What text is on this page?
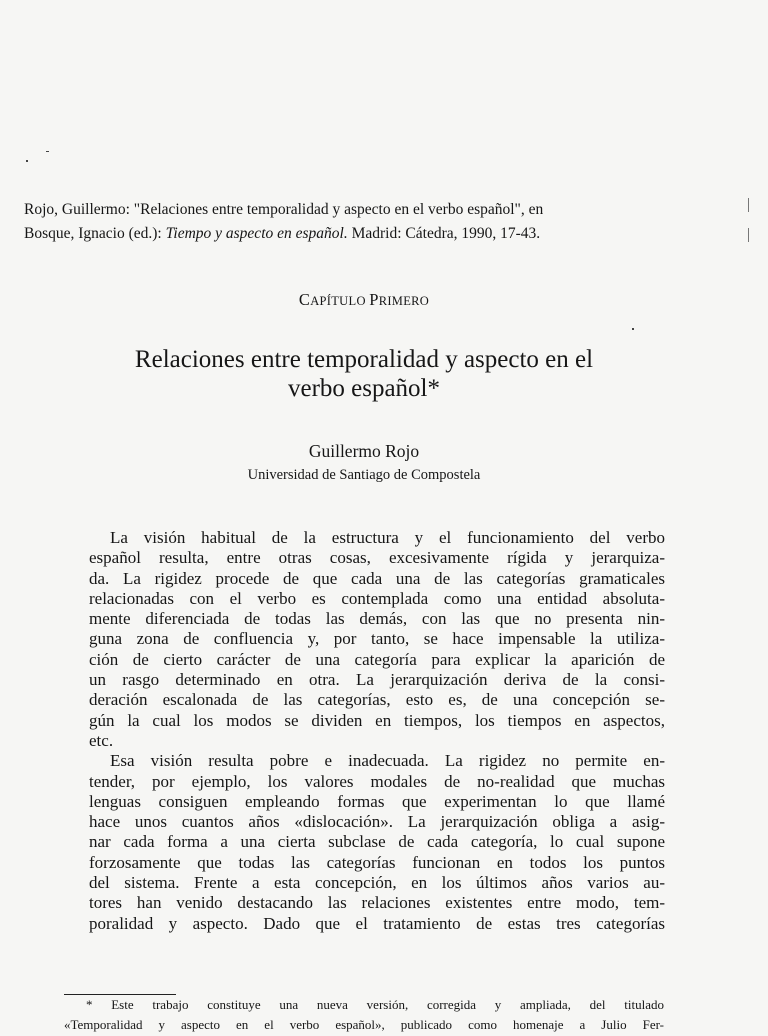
Rojo, Guillermo: "Relaciones entre temporalidad y aspecto en el verbo español", en
Bosque, Ignacio (ed.): Tiempo y aspecto en español. Madrid: Cátedra, 1990, 17-43.
CAPÍTULO PRIMERO
Relaciones entre temporalidad y aspecto en el
verbo español*
Guillermo Rojo
Universidad de Santiago de Compostela
La visión habitual de la estructura y el funcionamiento del verbo
español resulta, entre otras cosas, excesivamente rígida y jerarquiza-
da. La rigidez procede de que cada una de las categorías gramaticales
relacionadas con el verbo es contemplada como una entidad absoluta-
mente diferenciada de todas las demás, con las que no presenta nin-
guna zona de confluencia y, por tanto, se hace impensable la utiliza-
ción de cierto carácter de una categoría para explicar la aparición de
un rasgo determinado en otra. La jerarquización deriva de la consi-
deración escalonada de las categorías, esto es, de una concepción se-
gún la cual los modos se dividen en tiempos, los tiempos en aspectos,
etc.
Esa visión resulta pobre e inadecuada. La rigidez no permite en-
tender, por ejemplo, los valores modales de no-realidad que muchas
lenguas consiguen empleando formas que experimentan lo que llamé
hace unos cuantos años «dislocación». La jerarquización obliga a asig-
nar cada forma a una cierta subclase de cada categoría, lo cual supone
forzosamente que todas las categorías funcionan en todos los puntos
del sistema. Frente a esta concepción, en los últimos años varios au-
tores han venido destacando las relaciones existentes entre modo, tem-
poralidad y aspecto. Dado que el tratamiento de estas tres categorías
* Este trabajo constituye una nueva versión, corregida y ampliada, del titulado
«Temporalidad y aspecto en el verbo español», publicado como homenaje a Julio Fer-
